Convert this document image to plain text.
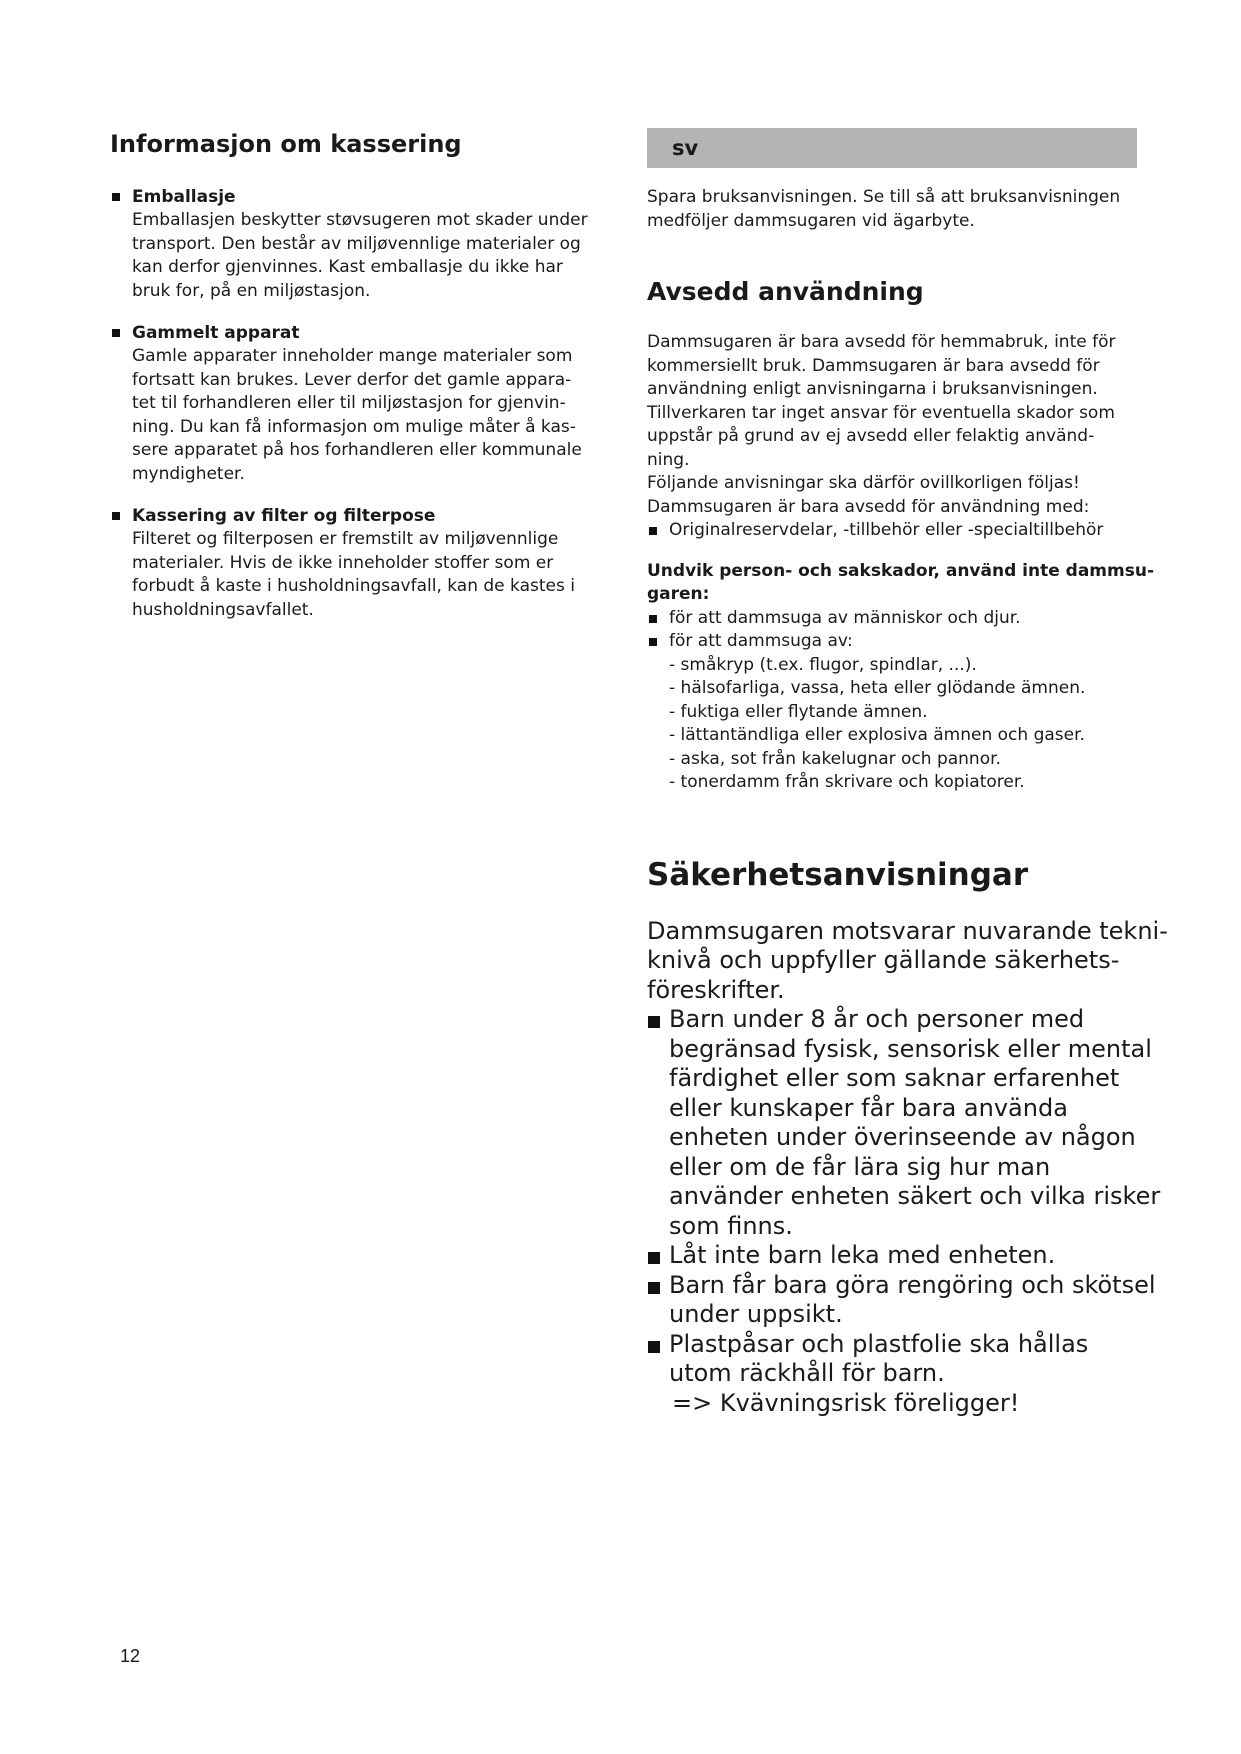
Informasjon om kassering
Emballasje
Emballasjen beskytter støvsugeren mot skader under
transport. Den består av miljøvennlige materialer og
kan derfor gjenvinnes. Kast emballasje du ikke har
bruk for, på en miljøstasjon.
Gammelt apparat
Gamle apparater inneholder mange materialer som
fortsatt kan brukes. Lever derfor det gamle appara-
tet til forhandleren eller til miljøstasjon for gjenvin-
ning. Du kan få informasjon om mulige måter å kas-
sere apparatet på hos forhandleren eller kommunale
myndigheter.
Kassering av filter og filterpose
Filteret og filterposen er fremstilt av miljøvennlige
materialer. Hvis de ikke inneholder stoffer som er
forbudt å kaste i husholdningsavfall, kan de kastes i
husholdningsavfallet.
sv
Spara bruksanvisningen. Se till så att bruksanvisningen
medföljer dammsugaren vid ägarbyte.
Avsedd användning
Dammsugaren är bara avsedd för hemmabruk, inte för
kommersiellt bruk. Dammsugaren är bara avsedd för
användning enligt anvisningarna i bruksanvisningen.
Tillverkaren tar inget ansvar för eventuella skador som
uppstår på grund av ej avsedd eller felaktig använd-
ning.
Följande anvisningar ska därför ovillkorligen följas!
Dammsugaren är bara avsedd för användning med:
Originalreservdelar, -tillbehör eller -specialtillbehör
Undvik person- och sakskador, använd inte dammsu-
garen:
för att dammsuga av människor och djur.
för att dammsuga av:
- småkryp (t.ex. flugor, spindlar, ...).
- hälsofarliga, vassa, heta eller glödande ämnen.
- fuktiga eller flytande ämnen.
- lättantändliga eller explosiva ämnen och gaser.
- aska, sot från kakelugnar och pannor.
- tonerdamm från skrivare och kopiatorer.
Säkerhetsanvisningar
Dammsugaren motsvarar nuvarande tekni-
knivå och uppfyller gällande säkerhets-
föreskrifter.
Barn under 8 år och personer med
begränsad fysisk, sensorisk eller mental
färdighet eller som saknar erfarenhet
eller kunskaper får bara använda
enheten under överinseende av någon
eller om de får lära sig hur man
använder enheten säkert och vilka risker
som finns.
Låt inte barn leka med enheten.
Barn får bara göra rengöring och skötsel
under uppsikt.
Plastpåsar och plastfolie ska hållas
utom räckhåll för barn.
=> Kvävningsrisk föreligger!
12
